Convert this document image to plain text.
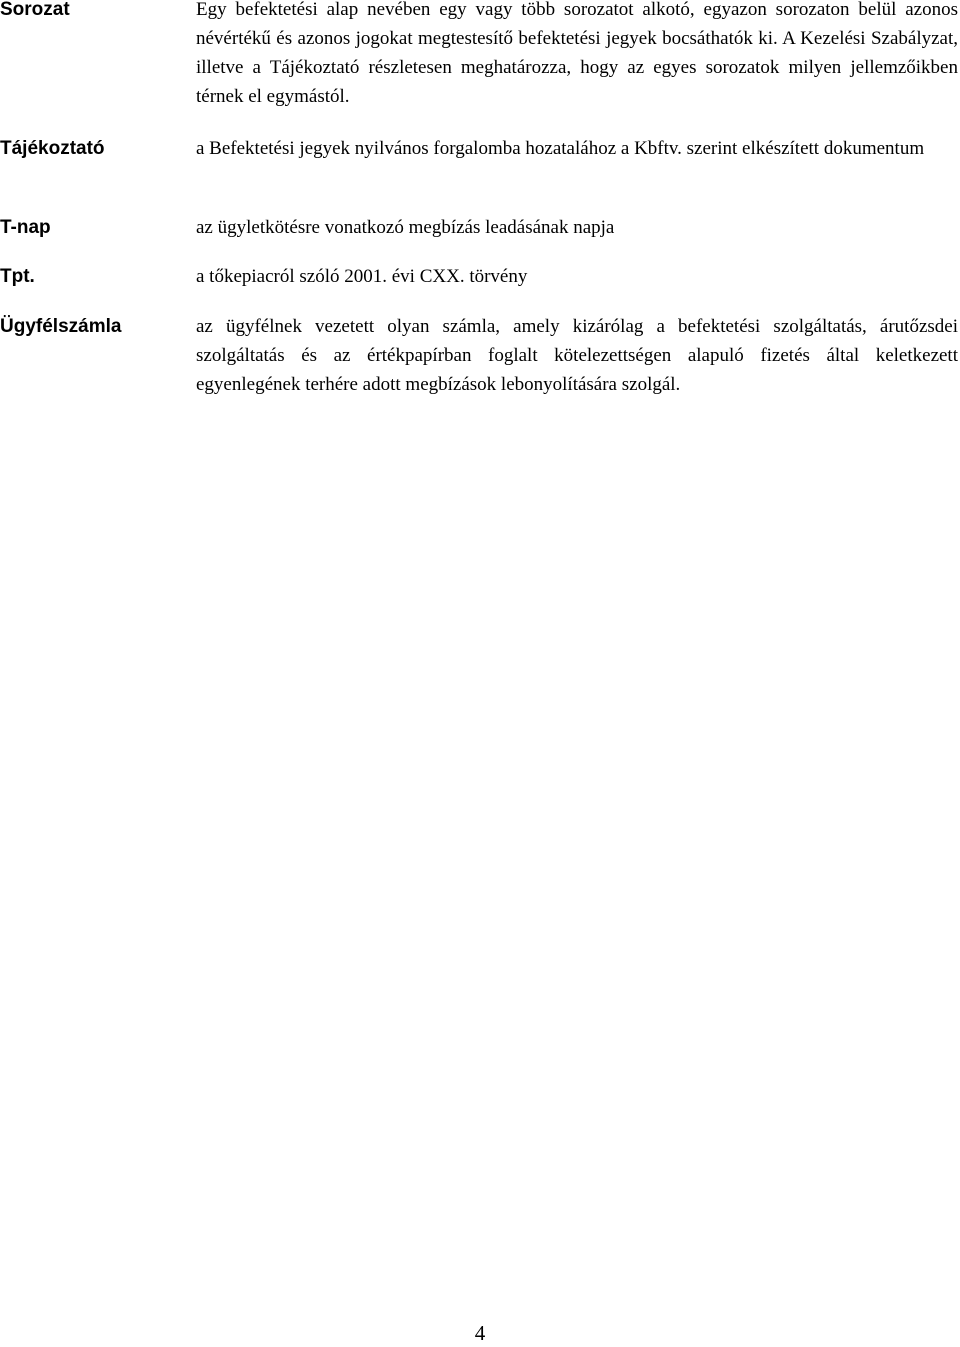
Sorozat	Egy befektetési alap nevében egy vagy több sorozatot alkotó, egyazon sorozaton belül azonos névértékű és azonos jogokat megtestesítő befektetési jegyek bocsáthatók ki. A Kezelési Szabályzat, illetve a Tájékoztató részletesen meghatározza, hogy az egyes sorozatok milyen jellemzőikben térnek el egymástól.
Tájékoztató	a Befektetési jegyek nyilvános forgalomba hozatalához a Kbftv. szerint elkészített dokumentum
T-nap	az ügyletkötésre vonatkozó megbízás leadásának napja
Tpt.	a tőkepiacról szóló 2001. évi CXX. törvény
Ügyfélszámla	az ügyfélnek vezetett olyan számla, amely kizárólag a befektetési szolgáltatás, árutőzsdei szolgáltatás és az értékpapírban foglalt kötelezettségen alapuló fizetés által keletkezett egyenlegének terhére adott megbízások lebonyolítására szolgál.
4
